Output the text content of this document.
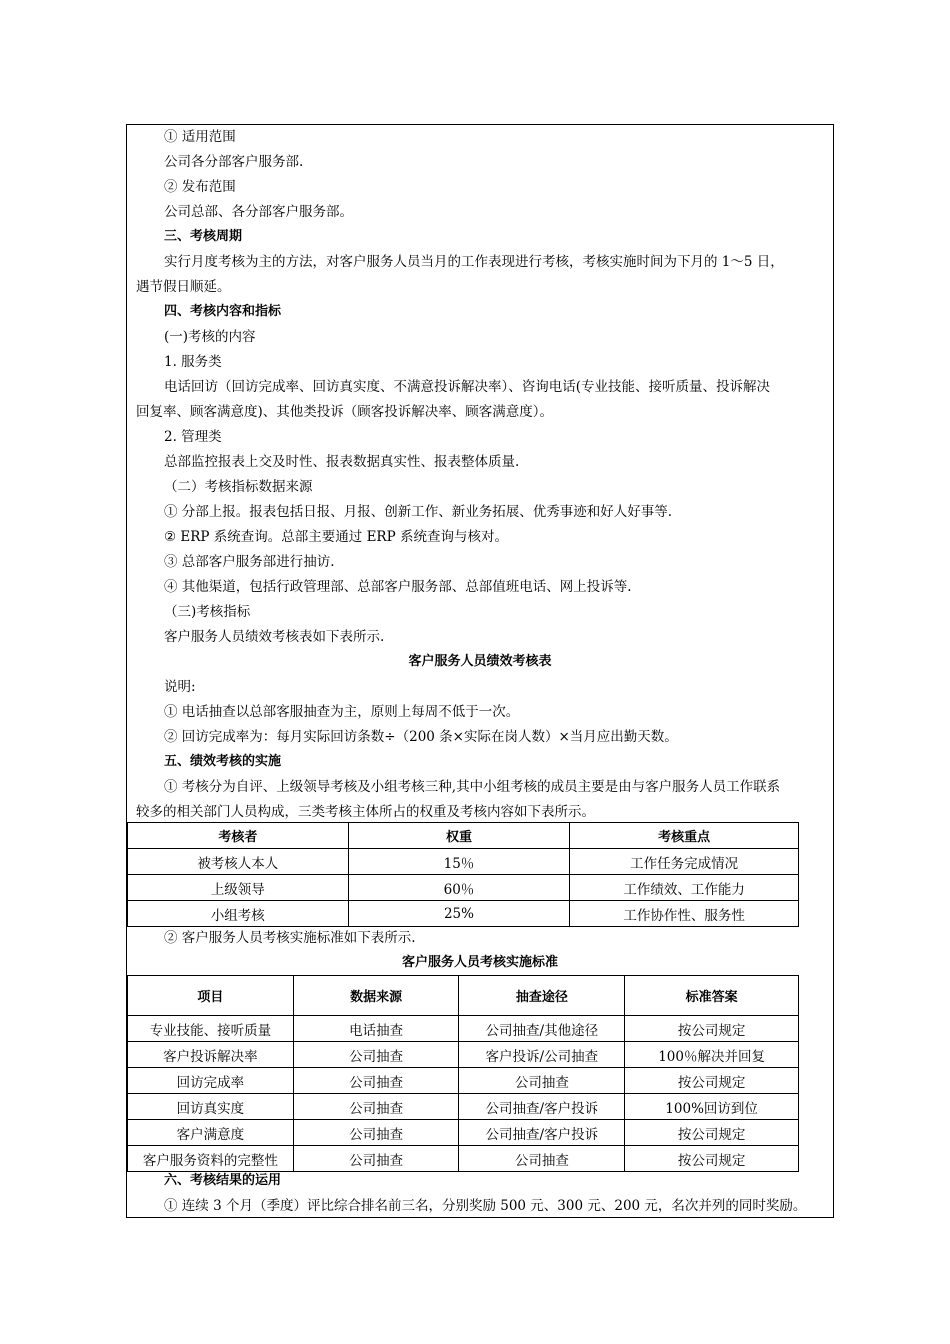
① 适用范围
公司各分部客户服务部.
② 发布范围
公司总部、各分部客户服务部。
三、考核周期
实行月度考核为主的方法，对客户服务人员当月的工作表现进行考核，考核实施时间为下月的 1～5 日，
遇节假日顺延。
四、考核内容和指标
(一)考核的内容
1. 服务类
电话回访（回访完成率、回访真实度、不满意投诉解决率）、咨询电话(专业技能、接听质量、投诉解决
回复率、顾客满意度)、其他类投诉（顾客投诉解决率、顾客满意度）。
2. 管理类
总部监控报表上交及时性、报表数据真实性、报表整体质量.
（二）考核指标数据来源
① 分部上报。报表包括日报、月报、创新工作、新业务拓展、优秀事迹和好人好事等.
② ERP 系统查询。总部主要通过 ERP 系统查询与核对。
③ 总部客户服务部进行抽访.
④ 其他渠道，包括行政管理部、总部客户服务部、总部值班电话、网上投诉等.
（三)考核指标
客户服务人员绩效考核表如下表所示.
客户服务人员绩效考核表
说明:
① 电话抽查以总部客服抽查为主，原则上每周不低于一次。
② 回访完成率为：每月实际回访条数÷（200 条×实际在岗人数）×当月应出勤天数。
五、绩效考核的实施
① 考核分为自评、上级领导考核及小组考核三种,其中小组考核的成员主要是由与客户服务人员工作联系
较多的相关部门人员构成，三类考核主体所占的权重及考核内容如下表所示。
考核者	权重	考核重点
被考核人本人	15％	工作任务完成情况
上级领导	60％	工作绩效、工作能力
小组考核	25%	工作协作性、服务性
② 客户服务人员考核实施标准如下表所示.
客户服务人员考核实施标准
项目	数据来源	抽查途径	标准答案
专业技能、接听质量	电话抽查	公司抽查/其他途径	按公司规定
客户投诉解决率	公司抽查	客户投诉/公司抽查	100％解决并回复
回访完成率	公司抽查	公司抽查	按公司规定
回访真实度	公司抽查	公司抽查/客户投诉	100%回访到位
客户满意度	公司抽查	公司抽查/客户投诉	按公司规定
客户服务资料的完整性	公司抽查	公司抽查	按公司规定
六、考核结果的运用
① 连续 3 个月（季度）评比综合排名前三名，分别奖励 500 元、300 元、200 元，名次并列的同时奖励。
